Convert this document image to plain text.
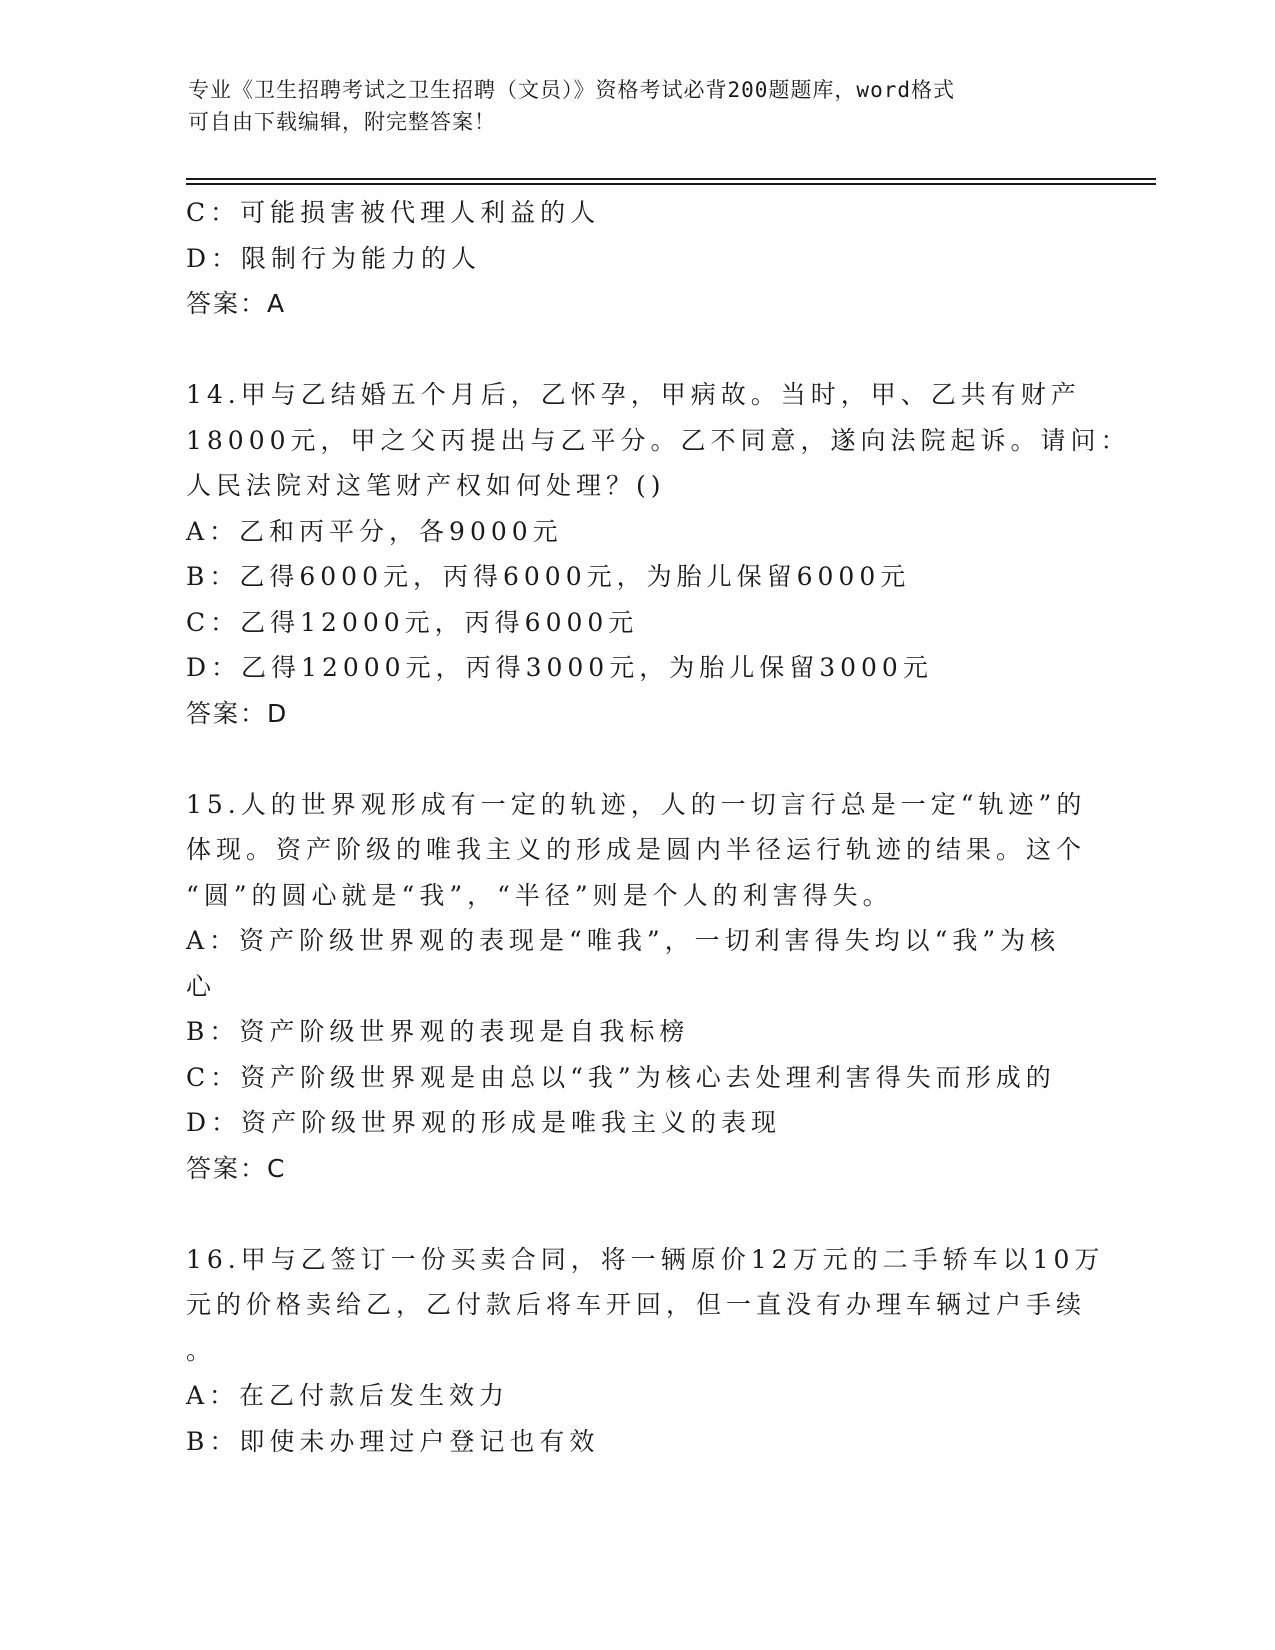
专业《卫生招聘考试之卫生招聘（文员）》资格考试必背200题题库，word格式
可自由下载编辑，附完整答案！
C：可能损害被代理人利益的人
D：限制行为能力的人
答案：A
14.甲与乙结婚五个月后，乙怀孕，甲病故。当时，甲、乙共有财产
18000元，甲之父丙提出与乙平分。乙不同意，遂向法院起诉。请问：
人民法院对这笔财产权如何处理？()
A：乙和丙平分，各9000元
B：乙得6000元，丙得6000元，为胎儿保留6000元
C：乙得12000元，丙得6000元
D：乙得12000元，丙得3000元，为胎儿保留3000元
答案：D
15.人的世界观形成有一定的轨迹，人的一切言行总是一定“轨迹”的
体现。资产阶级的唯我主义的形成是圆内半径运行轨迹的结果。这个
“圆”的圆心就是“我”，“半径”则是个人的利害得失。
A：资产阶级世界观的表现是“唯我”，一切利害得失均以“我”为核
心
B：资产阶级世界观的表现是自我标榜
C：资产阶级世界观是由总以“我”为核心去处理利害得失而形成的
D：资产阶级世界观的形成是唯我主义的表现
答案：C
16.甲与乙签订一份买卖合同，将一辆原价12万元的二手轿车以10万
元的价格卖给乙，乙付款后将车开回，但一直没有办理车辆过户手续
。
A：在乙付款后发生效力
B：即使未办理过户登记也有效
